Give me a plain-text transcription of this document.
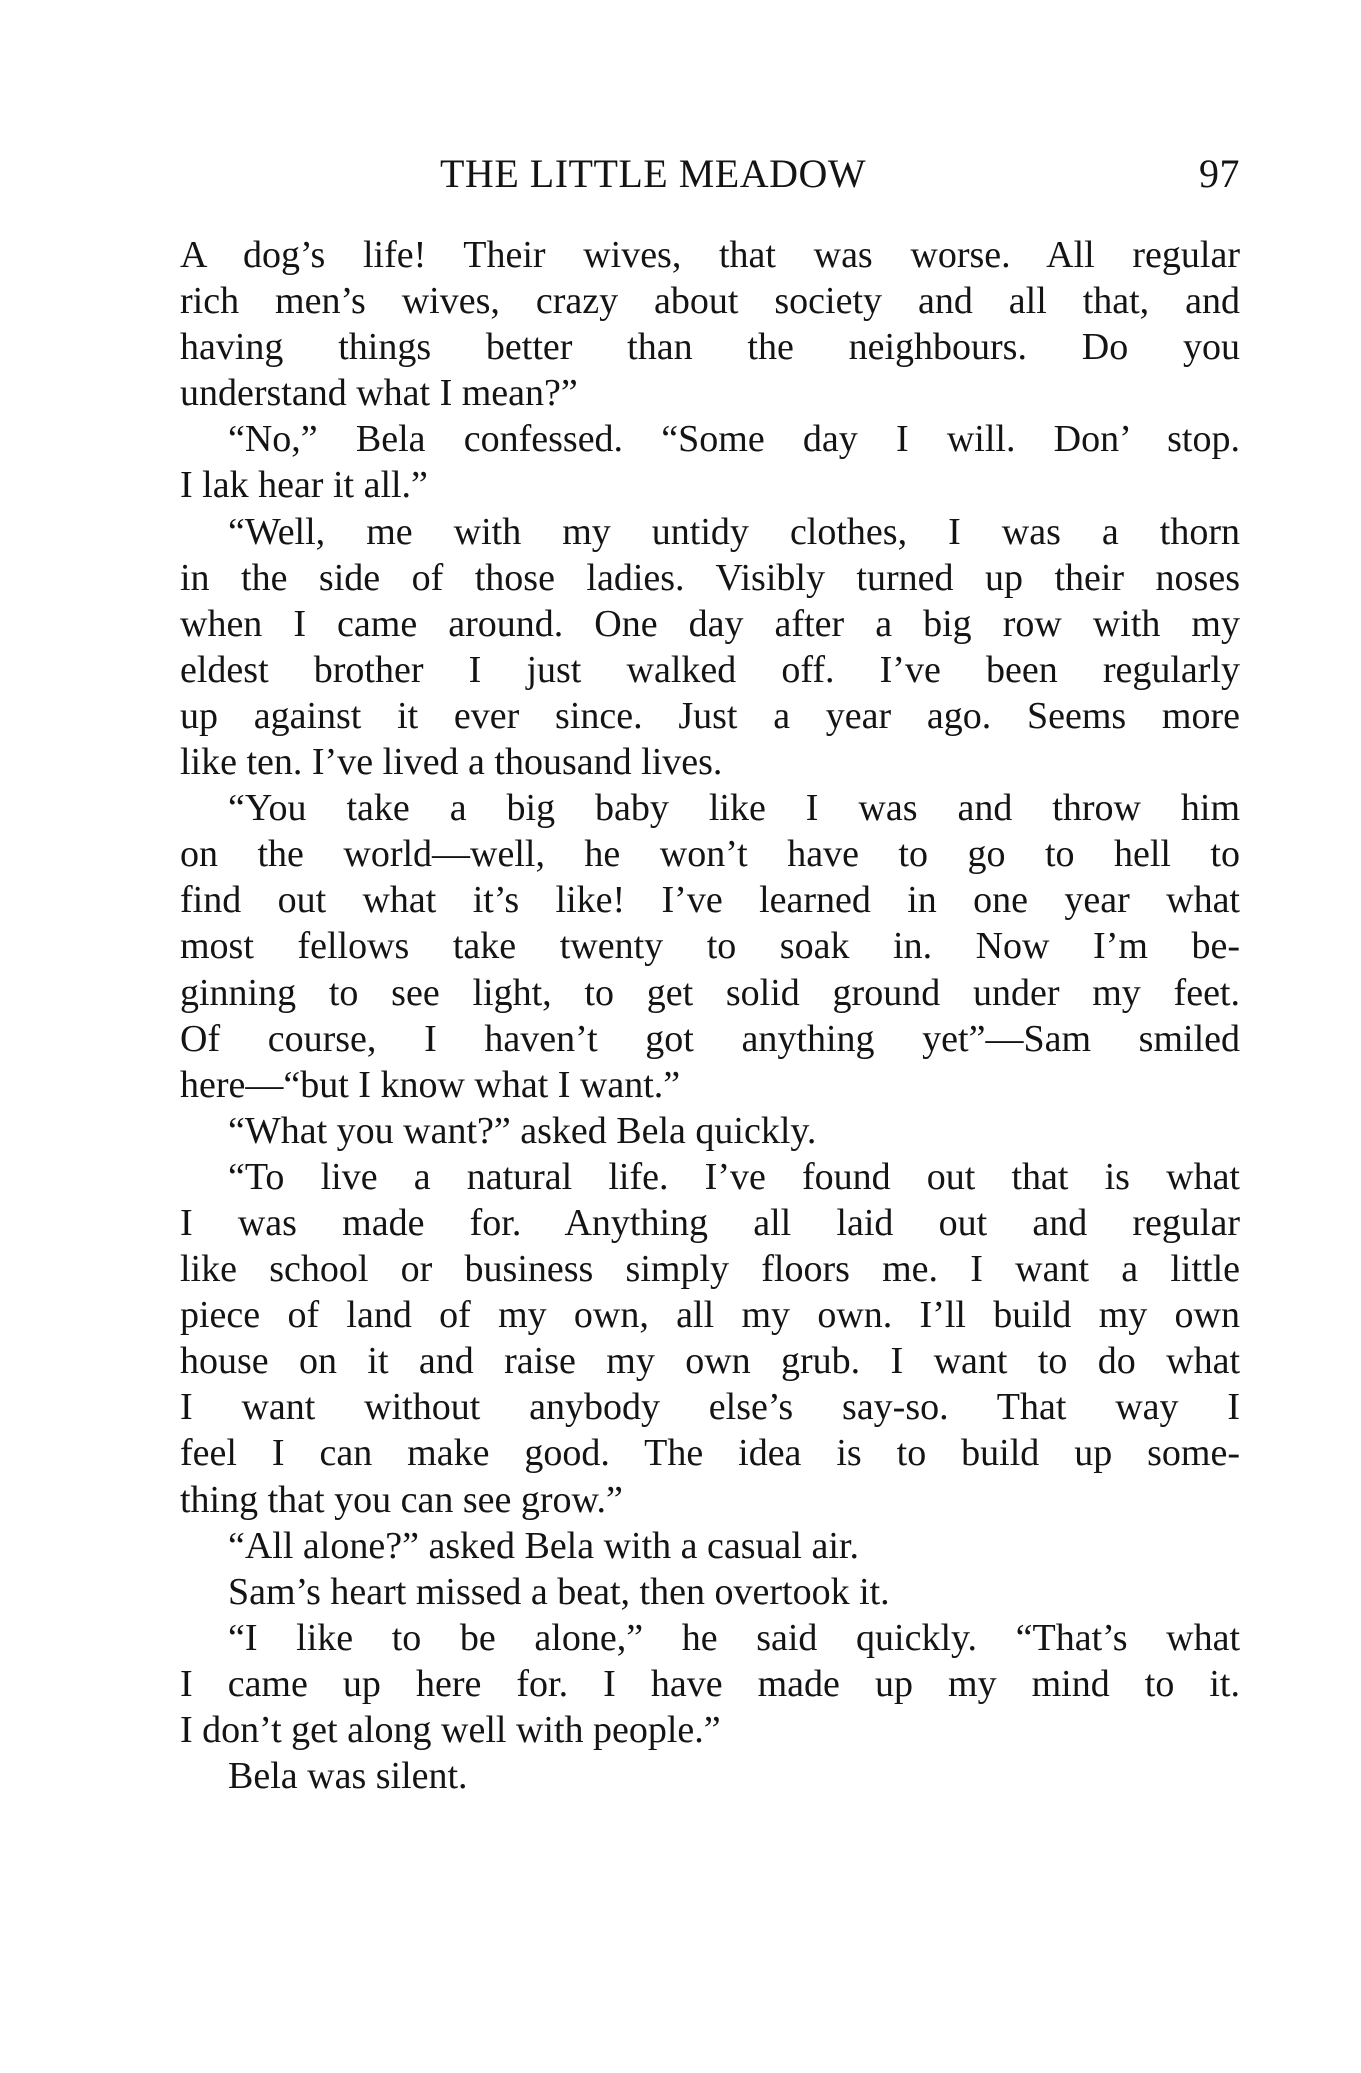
THE LITTLE MEADOW	97
A dog’s life! Their wives, that was worse. All regular
rich men’s wives, crazy about society and all that, and
having things better than the neighbours. Do you
understand what I mean?”
“No,” Bela confessed. “Some day I will. Don’ stop.
I lak hear it all.”
“Well, me with my untidy clothes, I was a thorn
in the side of those ladies. Visibly turned up their noses
when I came around. One day after a big row with my
eldest brother I just walked off. I’ve been regularly
up against it ever since. Just a year ago. Seems more
like ten. I’ve lived a thousand lives.
“You take a big baby like I was and throw him
on the world—well, he won’t have to go to hell to
find out what it’s like! I’ve learned in one year what
most fellows take twenty to soak in. Now I’m be-
ginning to see light, to get solid ground under my feet.
Of course, I haven’t got anything yet”—Sam smiled
here—“but I know what I want.”
“What you want?” asked Bela quickly.
“To live a natural life. I’ve found out that is what
I was made for. Anything all laid out and regular
like school or business simply floors me. I want a little
piece of land of my own, all my own. I’ll build my own
house on it and raise my own grub. I want to do what
I want without anybody else’s say-so. That way I
feel I can make good. The idea is to build up some-
thing that you can see grow.”
“All alone?” asked Bela with a casual air.
Sam’s heart missed a beat, then overtook it.
“I like to be alone,” he said quickly. “That’s what
I came up here for. I have made up my mind to it.
I don’t get along well with people.”
Bela was silent.
